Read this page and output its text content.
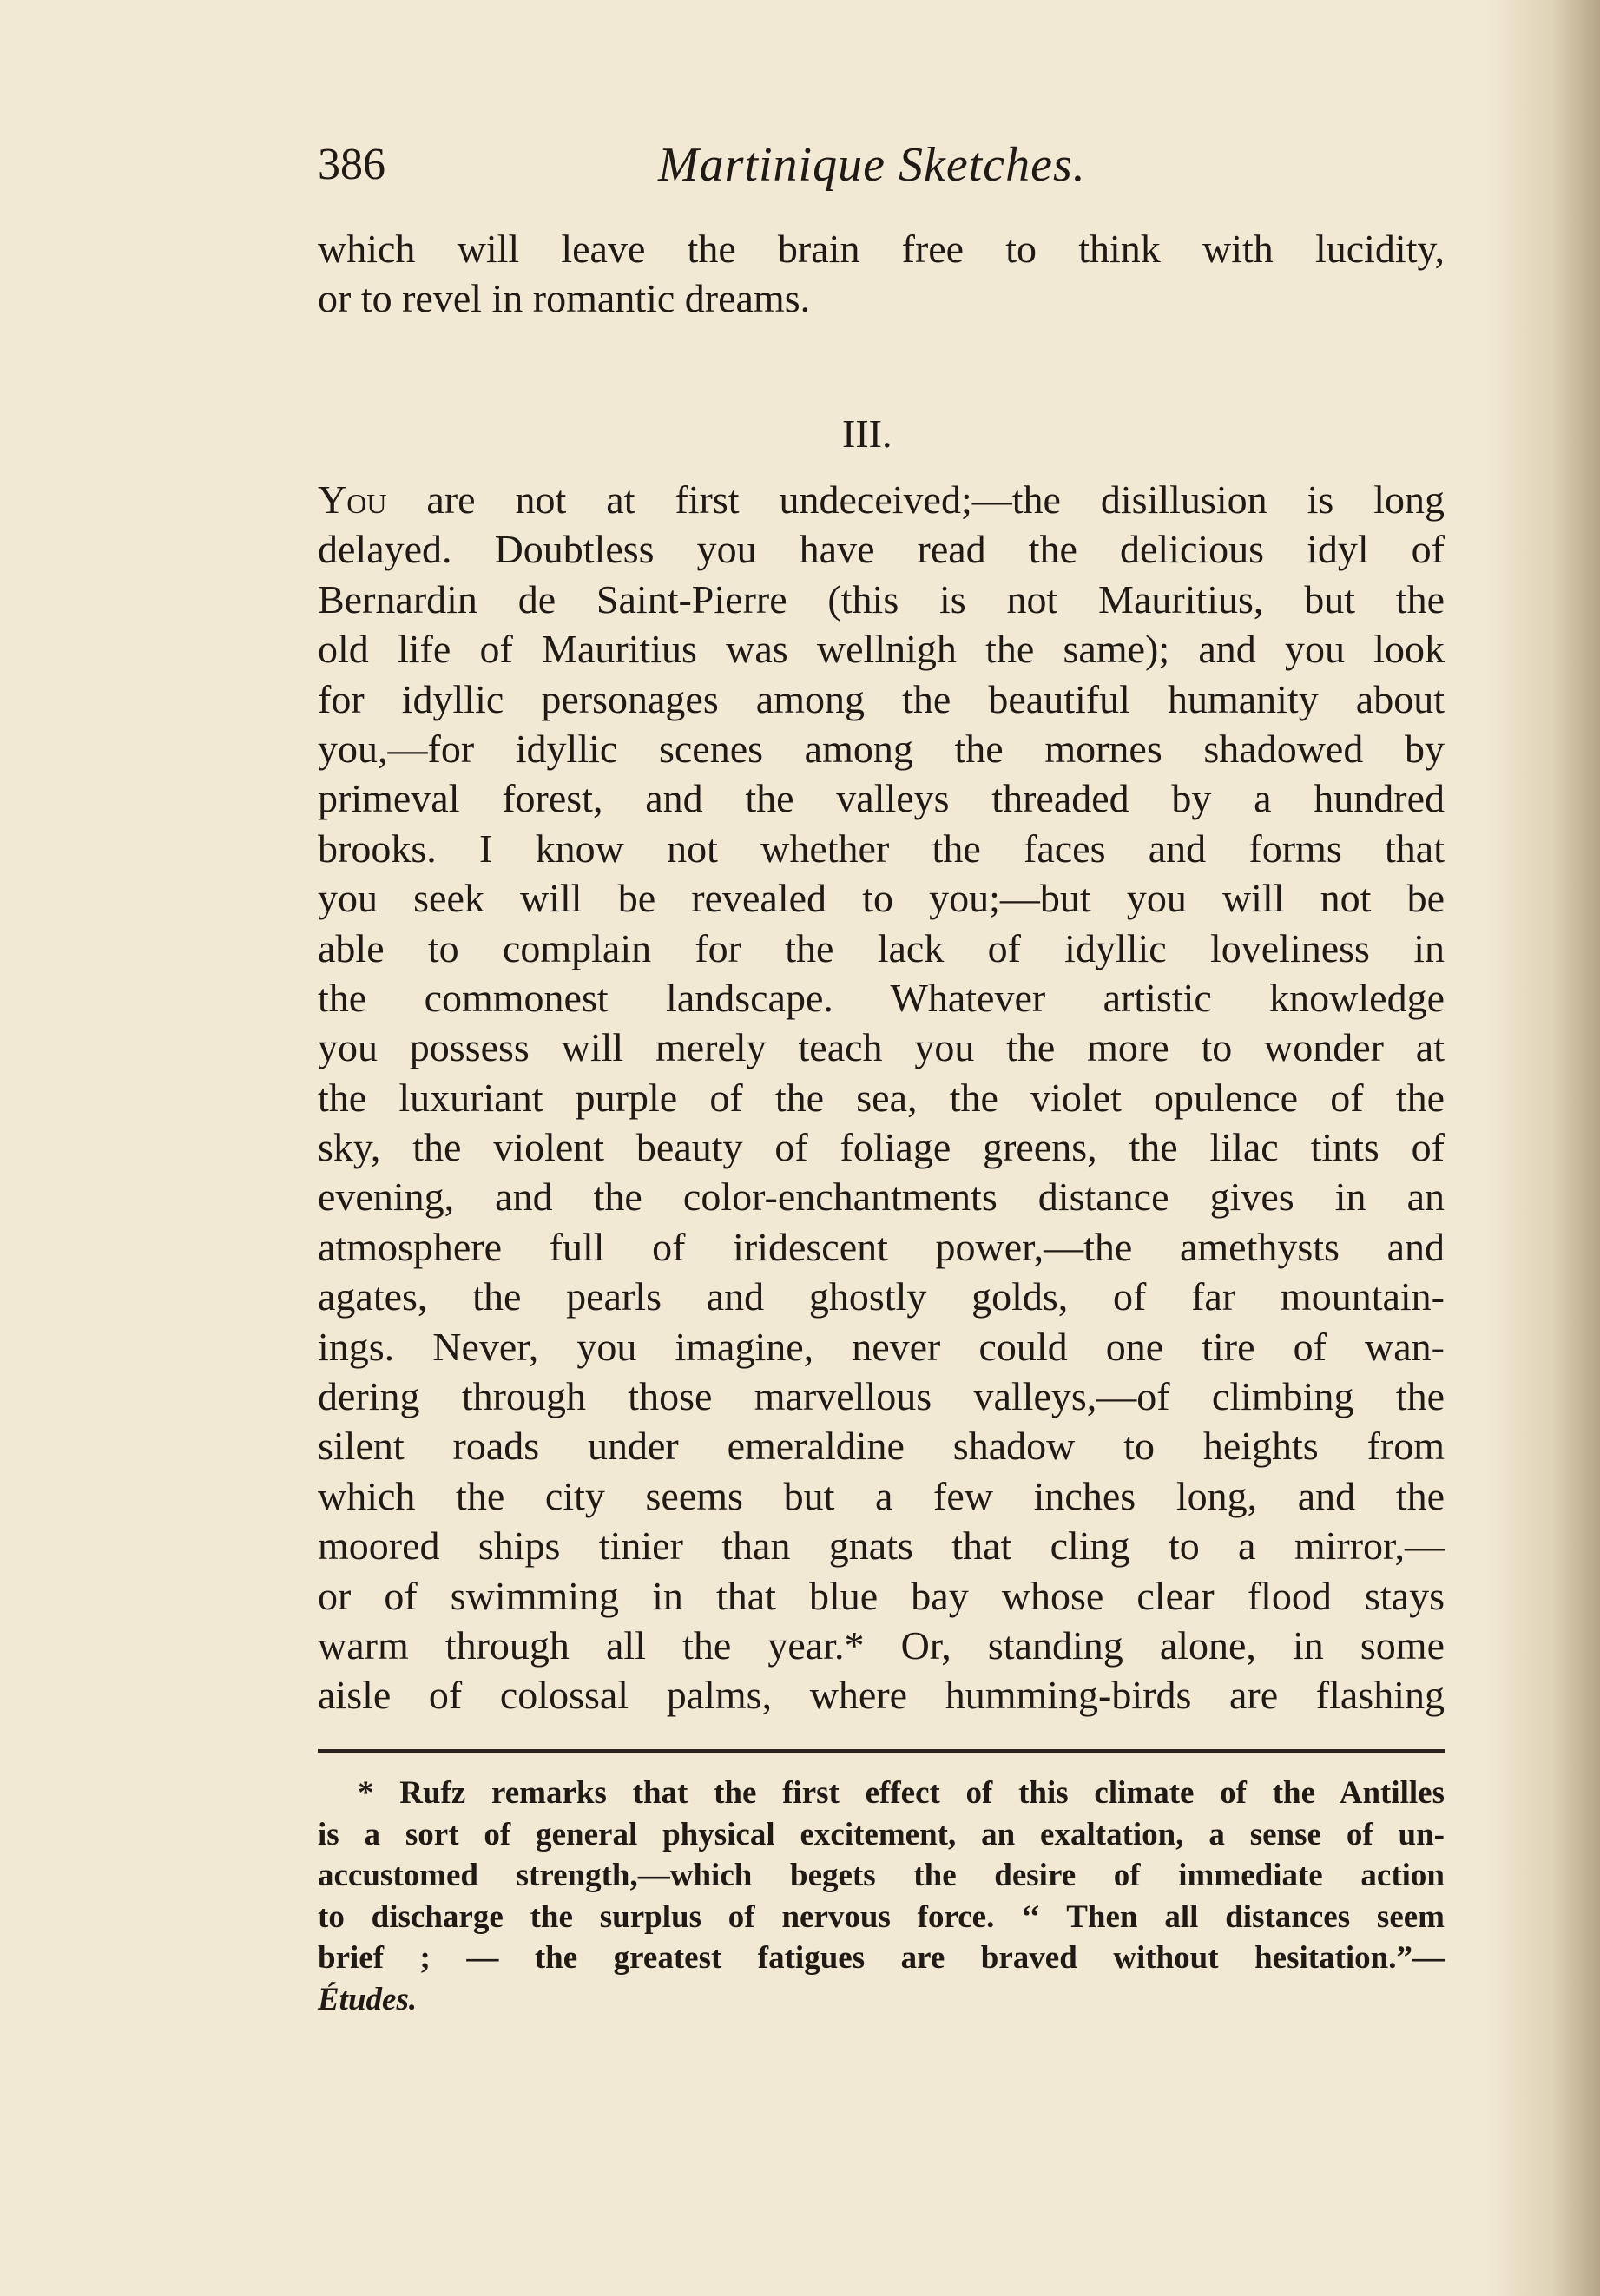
386	Martinique Sketches.
which will leave the brain free to think with lucidity,
or to revel in romantic dreams.
III.
You are not at first undeceived;—the disillusion is long
delayed. Doubtless you have read the delicious idyl of
Bernardin de Saint-Pierre (this is not Mauritius, but the
old life of Mauritius was wellnigh the same); and you look
for idyllic personages among the beautiful humanity about
you,—for idyllic scenes among the mornes shadowed by
primeval forest, and the valleys threaded by a hundred
brooks. I know not whether the faces and forms that
you seek will be revealed to you;—but you will not be
able to complain for the lack of idyllic loveliness in
the commonest landscape. Whatever artistic knowledge
you possess will merely teach you the more to wonder at
the luxuriant purple of the sea, the violet opulence of the
sky, the violent beauty of foliage greens, the lilac tints of
evening, and the color-enchantments distance gives in an
atmosphere full of iridescent power,—the amethysts and
agates, the pearls and ghostly golds, of far mountain-
ings. Never, you imagine, never could one tire of wan-
dering through those marvellous valleys,—of climbing the
silent roads under emeraldine shadow to heights from
which the city seems but a few inches long, and the
moored ships tinier than gnats that cling to a mirror,—
or of swimming in that blue bay whose clear flood stays
warm through all the year.* Or, standing alone, in some
aisle of colossal palms, where humming-birds are flashing
* Rufz remarks that the first effect of this climate of the Antilles
is a sort of general physical excitement, an exaltation, a sense of un-
accustomed strength,—which begets the desire of immediate action
to discharge the surplus of nervous force. ‘‘ Then all distances seem
brief ; — the greatest fatigues are braved without hesitation.”—
Études.
